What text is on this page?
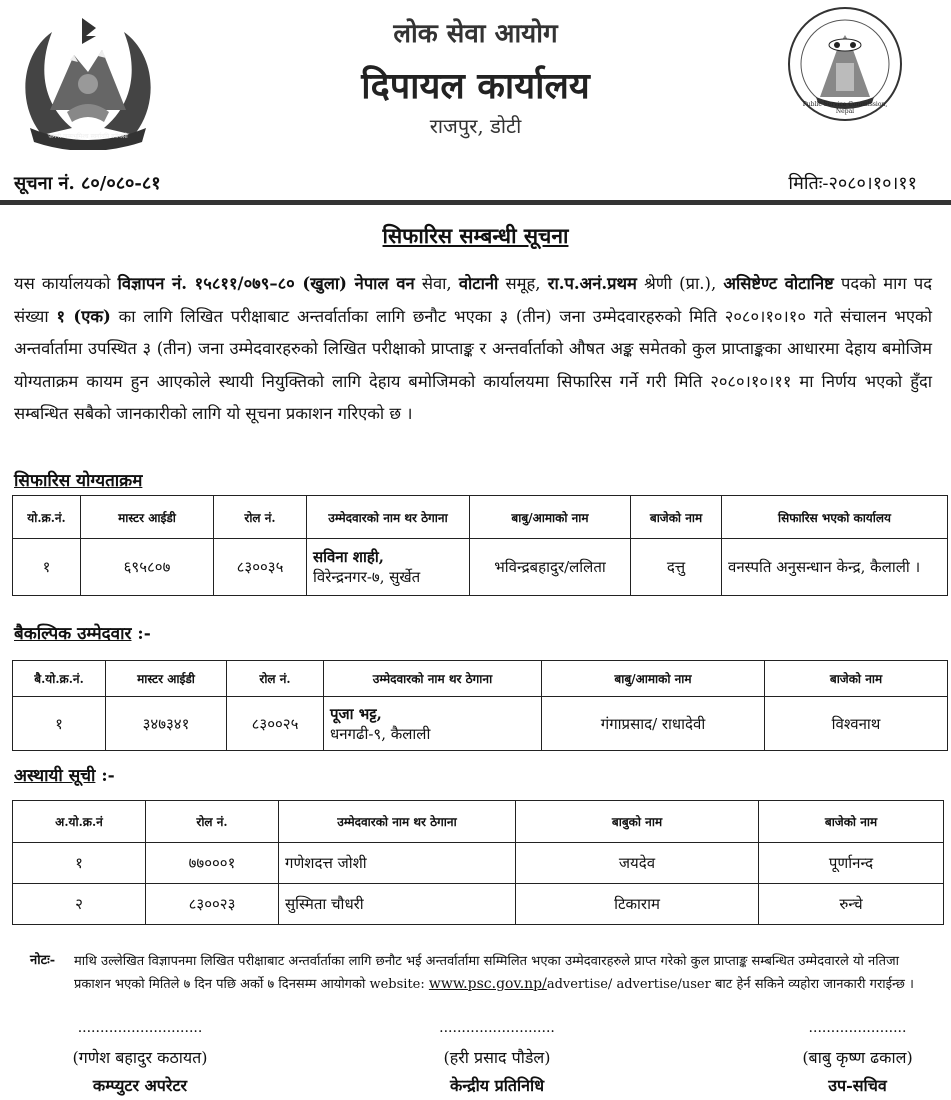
जननी जन्मभूमिश्च स्वर्गादपि गरीयसी
Public Service Commission, Nepal
लोक सेवा आयोग
दिपायल कार्यालय
राजपुर, डोटी
सूचना नं. ८०/०८०-८१	मितिः-२०८०।१०।११
सिफारिस सम्बन्धी सूचना
यस कार्यालयको विज्ञापन नं. १५८११/०७९–८० (खुला) नेपाल वन सेवा, वोटानी समूह, रा.प.अनं.प्रथम श्रेणी (प्रा.), असिष्टेण्ट वोटानिष्ट पदको माग पद संख्या १ (एक) का लागि लिखित परीक्षाबाट अन्तर्वार्ताका लागि छनौट भएका ३ (तीन) जना उम्मेदवारहरुको मिति २०८०।१०।१० गते संचालन भएको अन्तर्वार्तामा उपस्थित ३ (तीन) जना उम्मेदवारहरुको लिखित परीक्षाको प्राप्ताङ्क र अन्तर्वार्ताको औषत अङ्क समेतको कुल प्राप्ताङ्कका आधारमा देहाय बमोजिम योग्यताक्रम कायम हुन आएकोले स्थायी नियुक्तिको लागि देहाय बमोजिमको कार्यालयमा सिफारिस गर्ने गरी मिति २०८०।१०।११ मा निर्णय भएको हुँदा सम्बन्धित सबैको जानकारीको लागि यो सूचना प्रकाशन गरिएको छ ।
सिफारिस योग्यताक्रम
यो.क्र.नं.	मास्टर आईडी	रोल नं.	उम्मेदवारको नाम थर ठेगाना	बाबु/आमाको नाम	बाजेको नाम	सिफारिस भएको कार्यालय
१	६९५८०७	८३००३५	सविना शाही,
विरेन्द्रनगर-७, सुर्खेत	भविन्द्रबहादुर/ललिता	दत्तु	वनस्पति अनुसन्धान केन्द्र, कैलाली ।
बैकल्पिक उम्मेदवार :-
बै.यो.क्र.नं.	मास्टर आईडी	रोल नं.	उम्मेदवारको नाम थर ठेगाना	बाबु/आमाको नाम	बाजेको नाम
१	३४७३४१	८३००२५	पूजा भट्ट,
धनगढी-९, कैलाली	गंगाप्रसाद/ राधादेवी	विश्वनाथ
अस्थायी सूची :-
अ.यो.क्र.नं	रोल नं.	उम्मेदवारको नाम थर ठेगाना	बाबुको नाम	बाजेको नाम
१	७७०००१	गणेशदत्त जोशी	जयदेव	पूर्णानन्द
२	८३००२३	सुस्मिता चौधरी	टिकाराम	रुन्चे
नोटः- माथि उल्लेखित विज्ञापनमा लिखित परीक्षाबाट अन्तर्वार्ताका लागि छनौट भई अन्तर्वार्तामा सम्मिलित भएका उम्मेदवारहरुले प्राप्त गरेको कुल प्राप्ताङ्क सम्बन्धित उम्मेदवारले यो नतिजा प्रकाशन भएको मितिले ७ दिन पछि अर्को ७ दिनसम्म आयोगको website: www.psc.gov.np/advertise/ advertise/user बाट हेर्न सकिने व्यहोरा जानकारी गराईन्छ ।
............................
(गणेश बहादुर कठायत)
कम्प्युटर अपरेटर
..........................
(हरी प्रसाद पौडेल)
केन्द्रीय प्रतिनिधि
......................
(बाबु कृष्ण ढकाल)
उप-सचिव
